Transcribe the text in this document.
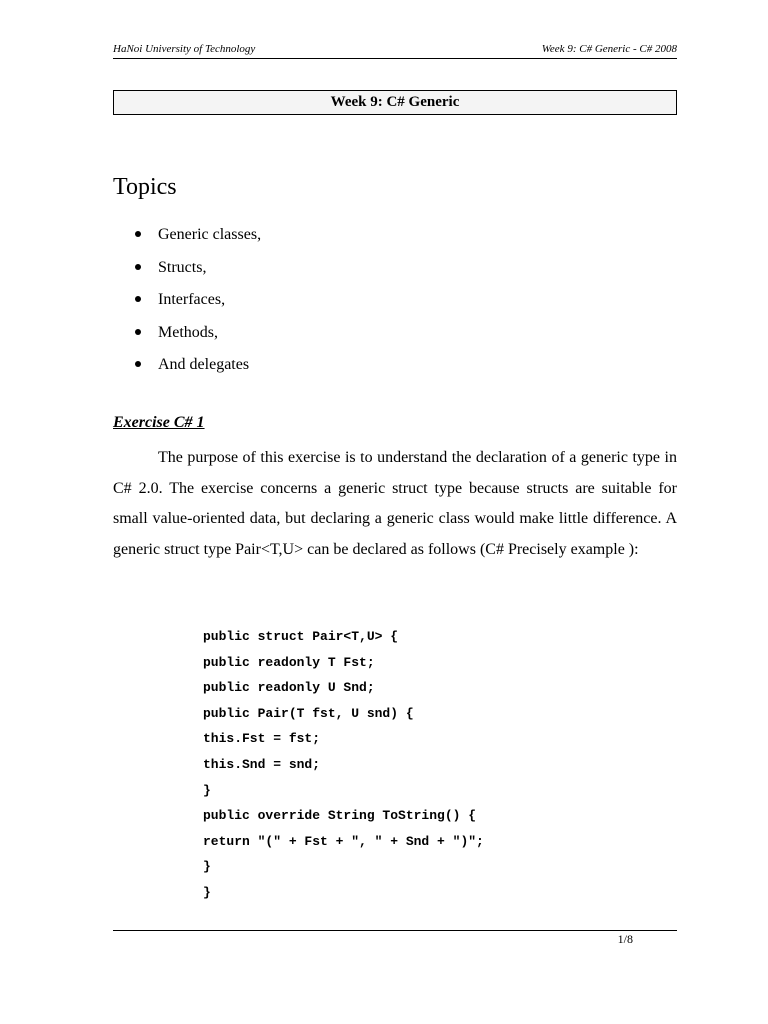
HaNoi University of Technology	Week 9: C# Generic - C# 2008
Week 9: C# Generic
Topics
Generic classes,
Structs,
Interfaces,
Methods,
And delegates
Exercise C# 1

The purpose of this exercise is to understand the declaration of a generic type in C# 2.0. The exercise concerns a generic struct type because structs are suitable for small value-oriented data, but declaring a generic class would make little difference. A generic struct type Pair<T,U> can be declared as follows (C# Precisely example ):

public struct Pair<T,U> {
public readonly T Fst;
public readonly U Snd;
public Pair(T fst, U snd) {
this.Fst = fst;
this.Snd = snd;
}
public override String ToString() {
return "(" + Fst + ", " + Snd + ")";
}
}
1/8
